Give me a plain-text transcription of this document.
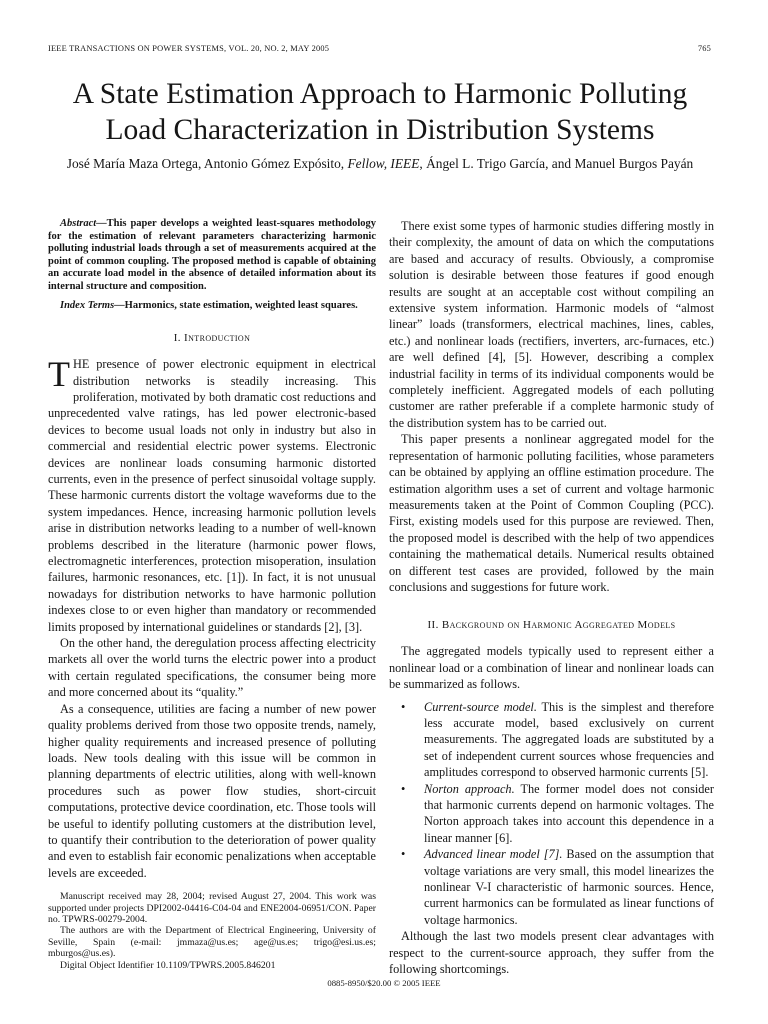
IEEE TRANSACTIONS ON POWER SYSTEMS, VOL. 20, NO. 2, MAY 2005	765
A State Estimation Approach to Harmonic Polluting
Load Characterization in Distribution Systems
José María Maza Ortega, Antonio Gómez Expósito, Fellow, IEEE, Ángel L. Trigo García, and Manuel Burgos Payán

Abstract—This paper develops a weighted least-squares methodology for the estimation of relevant parameters characterizing harmonic polluting industrial loads through a set of measurements acquired at the point of common coupling. The proposed method is capable of obtaining an accurate load model in the absence of detailed information about its internal structure and composition.

Index Terms—Harmonics, state estimation, weighted least squares.

I. Introduction

THE presence of power electronic equipment in electrical distribution networks is steadily increasing. This proliferation, motivated by both dramatic cost reductions and unprecedented valve ratings, has led power electronic-based devices to become usual loads not only in industry but also in commercial and residential electric power systems. Electronic devices are nonlinear loads consuming harmonic distorted currents, even in the presence of perfect sinusoidal voltage supply. These harmonic currents distort the voltage waveforms due to the system impedances. Hence, increasing harmonic pollution levels arise in distribution networks leading to a number of well-known problems described in the literature (harmonic power flows, electromagnetic interferences, protection misoperation, insulation failures, harmonic resonances, etc. [1]). In fact, it is not unusual nowadays for distribution networks to have harmonic pollution indexes close to or even higher than mandatory or recommended limits proposed by international guidelines or standards [2], [3].

On the other hand, the deregulation process affecting electricity markets all over the world turns the electric power into a product with certain regulated specifications, the consumer being more and more concerned about its “quality.”

As a consequence, utilities are facing a number of new power quality problems derived from those two opposite trends, namely, higher quality requirements and increased presence of polluting loads. New tools dealing with this issue will be common in planning departments of electric utilities, along with well-known procedures such as power flow studies, short-circuit computations, protective device coordination, etc. Those tools will be useful to identify polluting customers at the distribution level, to quantify their contribution to the deterioration of power quality and even to establish fair economic penalizations when acceptable levels are exceeded.

Manuscript received may 28, 2004; revised August 27, 2004. This work was supported under projects DPI2002-04416-C04-04 and ENE2004-06951/CON. Paper no. TPWRS-00279-2004.

The authors are with the Department of Electrical Engineering, University of Seville, Spain (e-mail: jmmaza@us.es; age@us.es; trigo@esi.us.es; mburgos@us.es).

Digital Object Identifier 10.1109/TPWRS.2005.846201

There exist some types of harmonic studies differing mostly in their complexity, the amount of data on which the computations are based and accuracy of results. Obviously, a compromise solution is desirable between those features if good enough results are sought at an acceptable cost without compiling an extensive system information. Harmonic models of “almost linear” loads (transformers, electrical machines, lines, cables, etc.) and nonlinear loads (rectifiers, inverters, arc-furnaces, etc.) are well defined [4], [5]. However, describing a complex industrial facility in terms of its individual components would be completely inefficient. Aggregated models of each polluting customer are rather preferable if a complete harmonic study of the distribution system has to be carried out.

This paper presents a nonlinear aggregated model for the representation of harmonic polluting facilities, whose parameters can be obtained by applying an offline estimation procedure. The estimation algorithm uses a set of current and voltage harmonic measurements taken at the Point of Common Coupling (PCC). First, existing models used for this purpose are reviewed. Then, the proposed model is described with the help of two appendices containing the mathematical details. Numerical results obtained on different test cases are provided, followed by the main conclusions and suggestions for future work.

II. Background on Harmonic Aggregated Models

The aggregated models typically used to represent either a nonlinear load or a combination of linear and nonlinear loads can be summarized as follows.

• Current-source model. This is the simplest and therefore less accurate model, based exclusively on current measurements. The aggregated loads are substituted by a set of independent current sources whose frequencies and amplitudes correspond to observed harmonic currents [5].
• Norton approach. The former model does not consider that harmonic currents depend on harmonic voltages. The Norton approach takes into account this dependence in a linear manner [6].
• Advanced linear model [7]. Based on the assumption that voltage variations are very small, this model linearizes the nonlinear V-I characteristic of harmonic sources. Hence, current harmonics can be formulated as linear functions of voltage harmonics.

Although the last two models present clear advantages with respect to the current-source approach, they suffer from the following shortcomings.

0885-8950/$20.00 © 2005 IEEE
